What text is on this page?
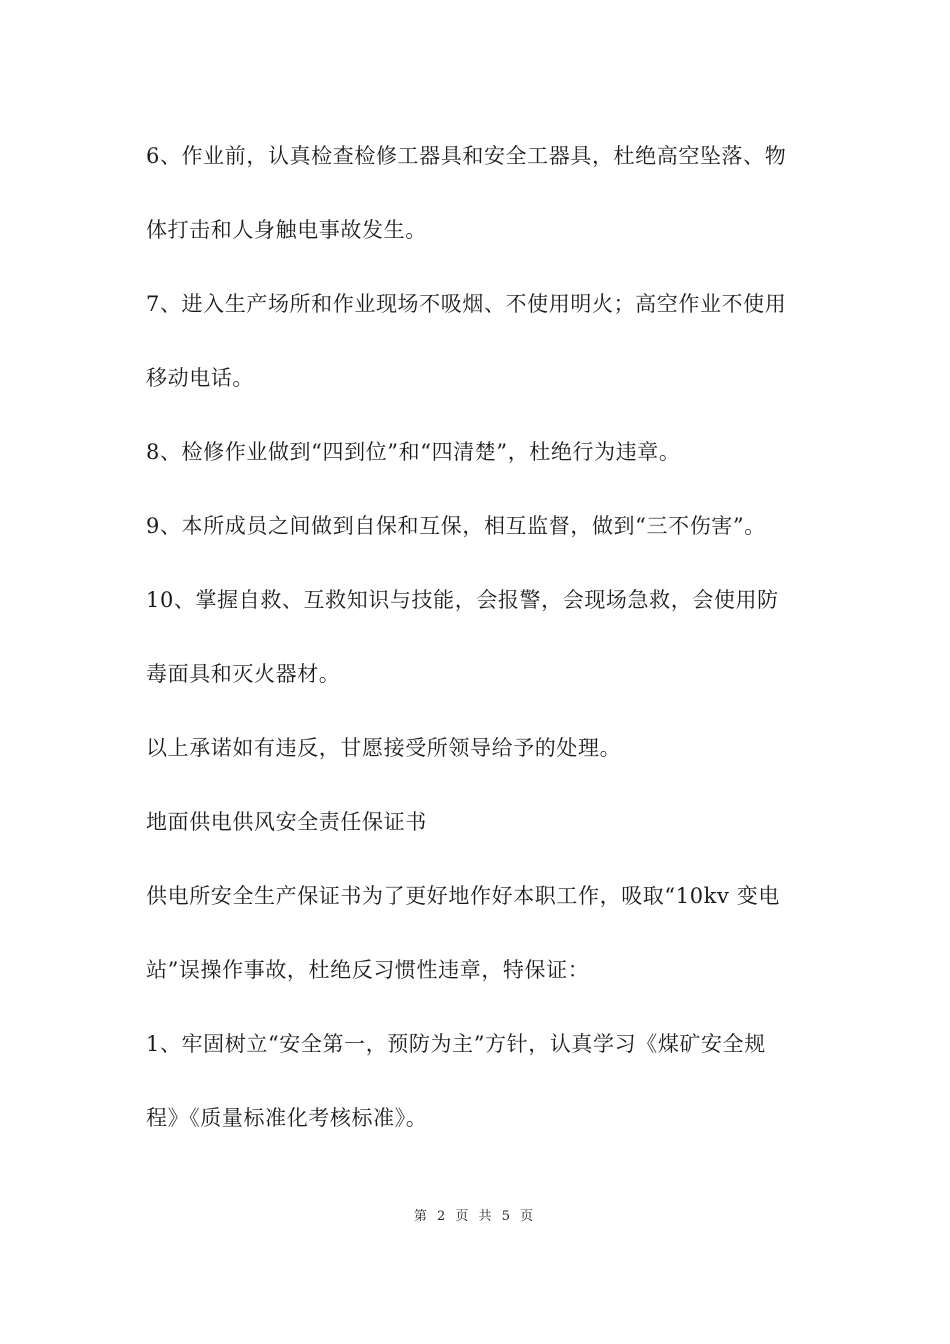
6、作业前，认真检查检修工器具和安全工器具，杜绝高空坠落、物
体打击和人身触电事故发生。
7、进入生产场所和作业现场不吸烟、不使用明火；高空作业不使用
移动电话。
8、检修作业做到“四到位”和“四清楚”，杜绝行为违章。
9、本所成员之间做到自保和互保，相互监督，做到“三不伤害”。
10、掌握自救、互救知识与技能，会报警，会现场急救，会使用防
毒面具和灭火器材。
以上承诺如有违反，甘愿接受所领导给予的处理。
地面供电供风安全责任保证书
供电所安全生产保证书为了更好地作好本职工作，吸取“10kv 变电
站”误操作事故，杜绝反习惯性违章，特保证：
1、牢固树立“安全第一，预防为主”方针，认真学习《煤矿安全规
程》《质量标准化考核标准》。
第 2 页 共 5 页
